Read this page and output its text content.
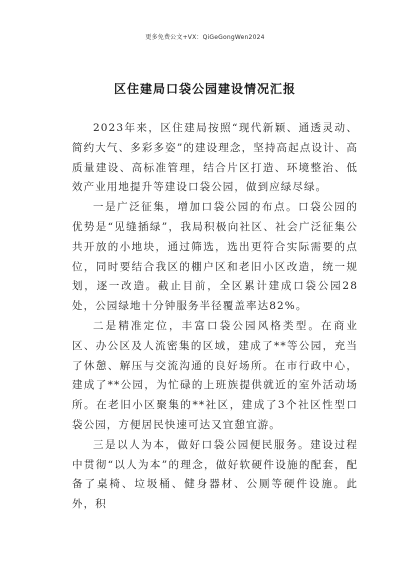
更多免费公文+VX：QiGeGongWen2024
区住建局口袋公园建设情况汇报

2023年来，区住建局按照“现代新颖、通透灵动、简约大气、多彩多姿”的建设理念，坚持高起点设计、高质量建设、高标准管理，结合片区打造、环境整治、低效产业用地提升等建设口袋公园，做到应绿尽绿。

一是广泛征集，增加口袋公园的布点。口袋公园的优势是“见缝插绿”，我局积极向社区、社会广泛征集公共开放的小地块，通过筛选，选出更符合实际需要的点位，同时要结合我区的棚户区和老旧小区改造，统一规划，逐一改造。截止目前，全区累计建成口袋公园28处，公园绿地十分钟服务半径覆盖率达82%。

二是精准定位，丰富口袋公园风格类型。在商业区、办公区及人流密集的区域，建成了**等公园，充当了休憩、解压与交流沟通的良好场所。在市行政中心，建成了**公园，为忙碌的上班族提供就近的室外活动场所。在老旧小区聚集的**社区，建成了3个社区性型口袋公园，方便居民快速可达又宜憩宜游。

三是以人为本，做好口袋公园便民服务。建设过程中贯彻“以人为本”的理念，做好软硬件设施的配套，配备了桌椅、垃圾桶、健身器材、公厕等硬件设施。此外，积
